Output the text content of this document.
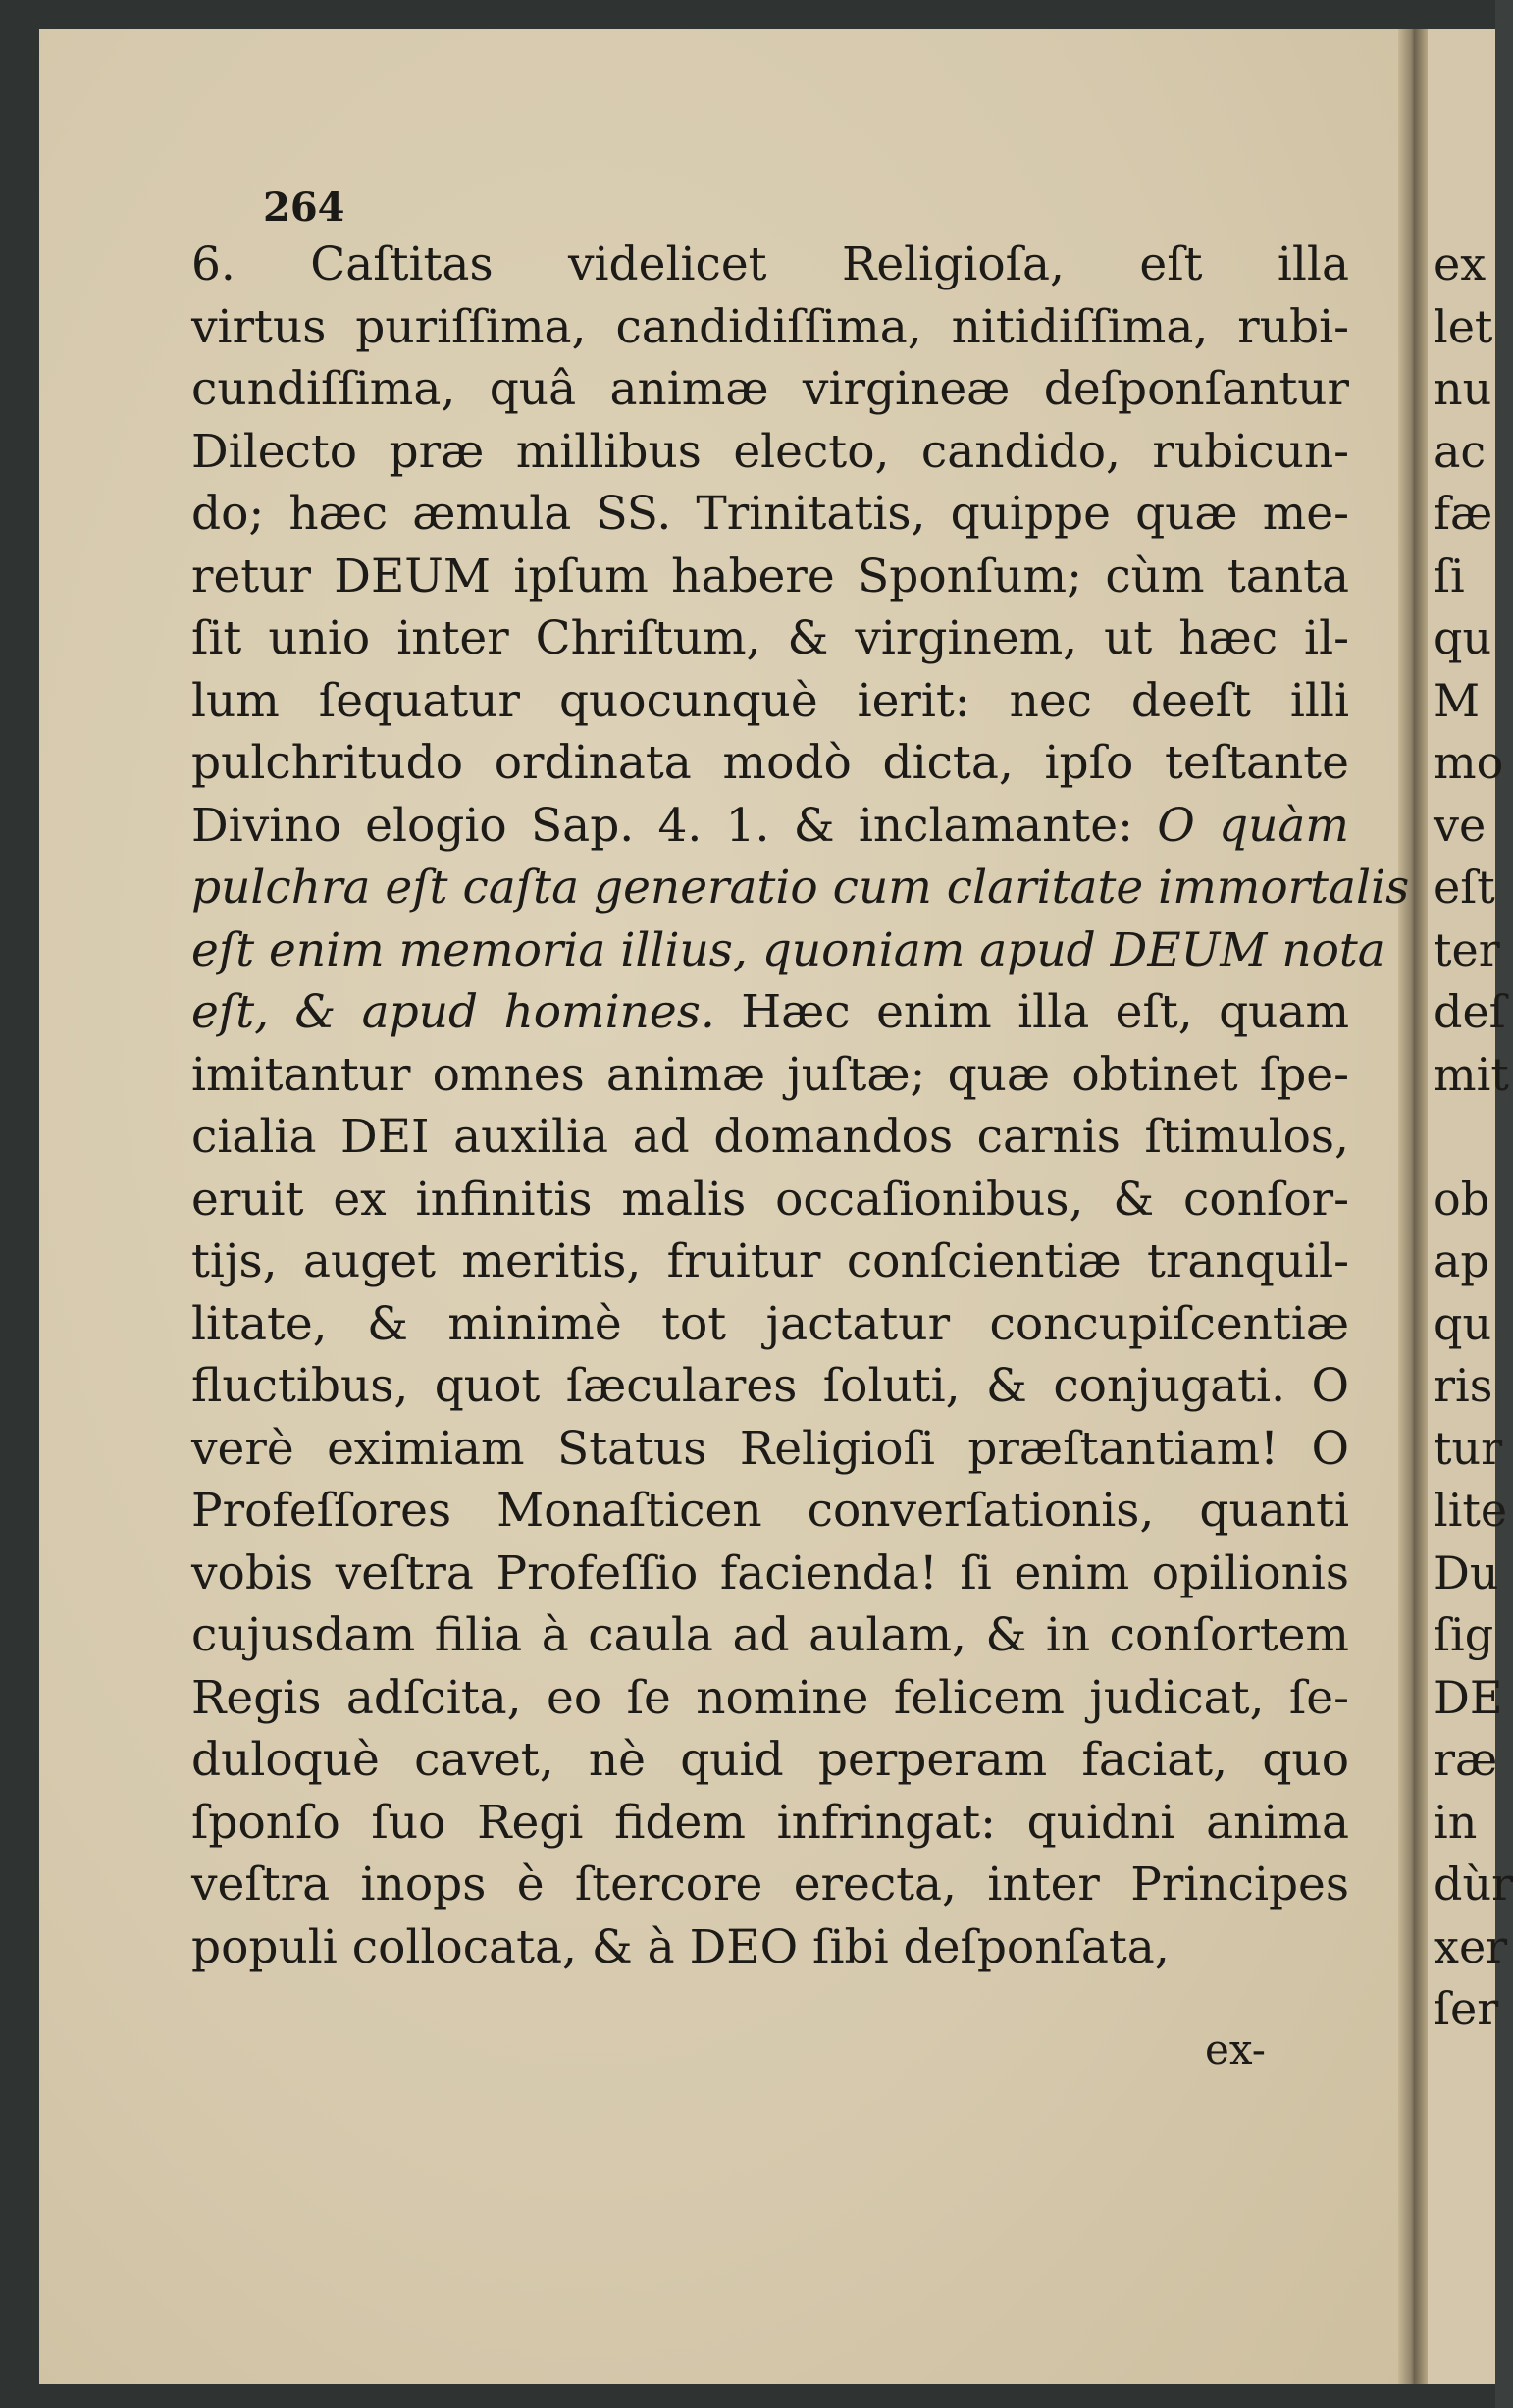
264
6. Caſtitas videlicet Religioſa, eſt illa
virtus puriſſima, candidiſſima, nitidiſſima, rubi-
cundiſſima, quâ animæ virgineæ deſponſantur
Dilecto præ millibus electo, candido, rubicun-
do; hæc æmula SS. Trinitatis, quippe quæ me-
retur DEUM ipſum habere Sponſum; cùm tanta
ſit unio inter Chriſtum, & virginem, ut hæc il-
lum ſequatur quocunquè ierit: nec deeſt illi
pulchritudo ordinata modò dicta, ipſo teſtante
Divino elogio Sap. 4. 1. & inclamante: O quàm
pulchra eſt caſta generatio cum claritate immortalis
eſt enim memoria illius, quoniam apud DEUM nota
eſt, & apud homines. Hæc enim illa eſt, quam
imitantur omnes animæ juſtæ; quæ obtinet ſpe-
cialia DEI auxilia ad domandos carnis ſtimulos,
eruit ex infinitis malis occaſionibus, & conſor-
tijs, auget meritis, fruitur conſcientiæ tranquil-
litate, & minimè tot jactatur concupiſcentiæ
fluctibus, quot ſæculares ſoluti, & conjugati. O
verè eximiam Status Religioſi præſtantiam! O
Profeſſores Monaſticen converſationis, quanti
vobis veſtra Profeſſio facienda! ſi enim opilionis
cujusdam filia à caula ad aulam, & in conſortem
Regis adſcita, eo ſe nomine felicem judicat, ſe-
duloquè cavet, nè quid perperam faciat, quo
ſponſo ſuo Regi fidem infringat: quidni anima
veſtra inops è ſtercore erecta, inter Principes
populi collocata, & à DEO ſibi deſponſata,
ex-
ex
let
nu
ac
fæ
ſi
qu
M
mo
ve
eſt
ter
deſ
mit
ob
ap
qu
ris
tur
lite
Du
ſig
DE
ræ
in
dùr
xer
ſer
